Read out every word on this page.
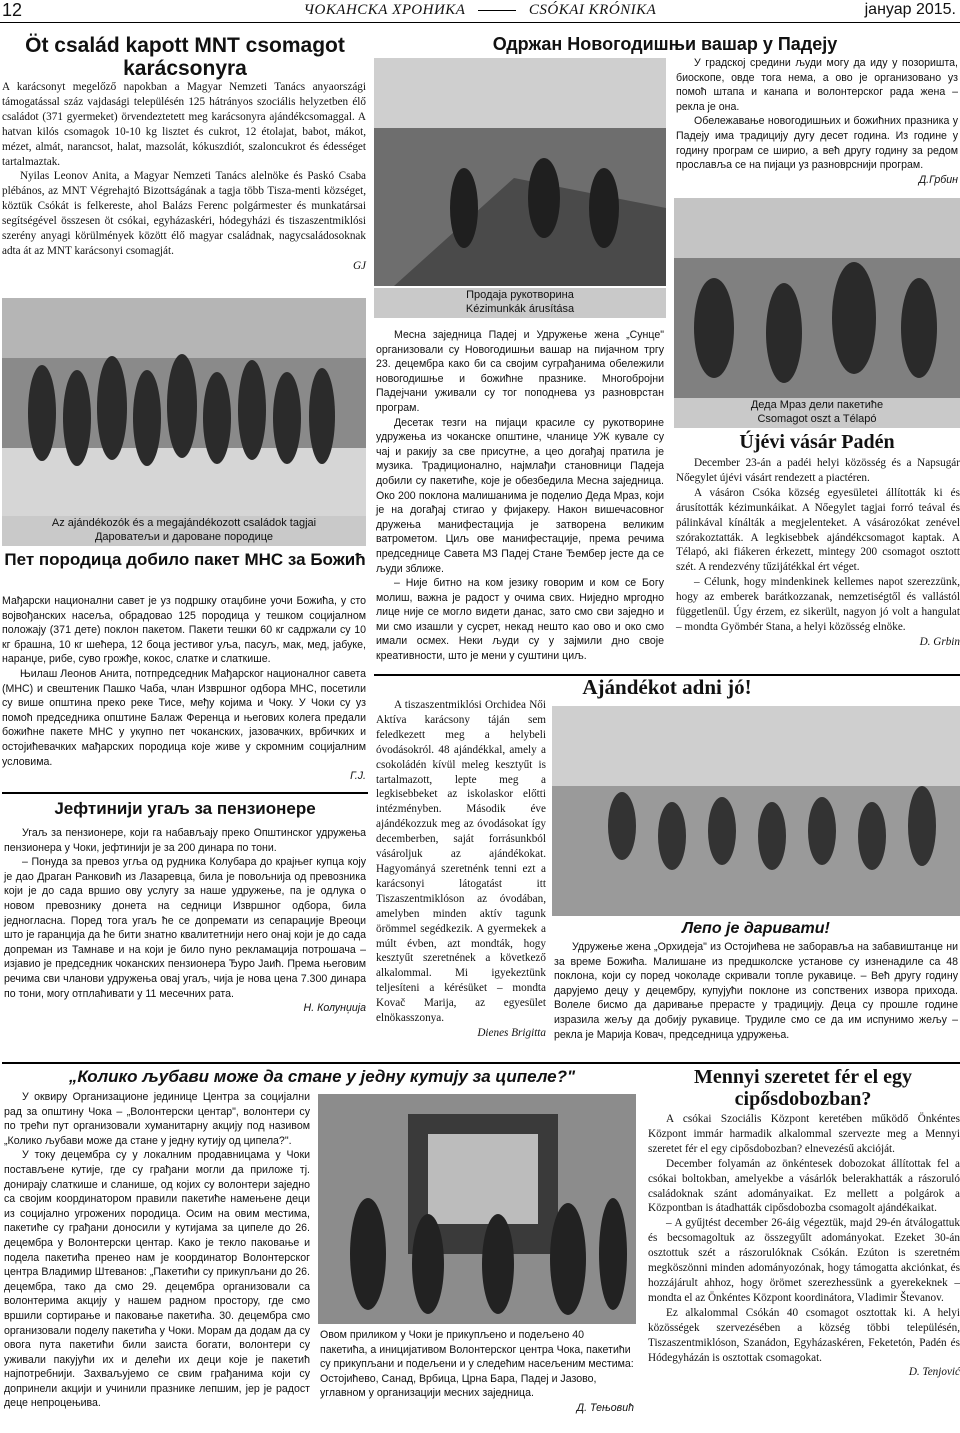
ЧОКАНСКА ХРОНИКА	CSÓKAI KRÓNIKA
12	јануар 2015.
Öt család kapott MNT csomagot karácsonyra

A karácsonyt megelőző napokban a Magyar Nemzeti Tanács anyaországi támogatással száz vajdasági településén 125 hátrányos szociális helyzetben élő családot (371 gyermeket) örvendeztetett meg karácsonyra ajándékcsomaggal. A hatvan kilós csomagok 10-10 kg lisztet és cukrot, 12 étolajat, babot, mákot, mézet, almát, narancsot, halat, mazsolát, kókuszdiót, szaloncukrot és édességet tartalmaztak.

Nyilas Leonov Anita, a Magyar Nemzeti Tanács alelnöke és Paskó Csaba plébános, az MNT Végrehajtó Bizottságának a tagja több Tisza-menti községet, köztük Csókát is felkereste, ahol Balázs Ferenc polgármester és munkatársai segítségével összesen öt csókai, egyházaskéri, hódegyházi és tiszaszentmiklósi szerény anyagi körülmények között élő magyar családnak, nagycsaládosoknak adta át az MNT karácsonyi csomagját.

GJ
Az ajándékozók és a megajándékozott családok tagjai
Даровaтељи и даровaне породице
Пет породица добило пакет МНС за Божић

Мађарски национални савет је уз подршку отаџбине уочи Божића, у сто војвођанских насеља, обрадовао 125 породица у тешком социјалном положају (371 дете) поклон пакетом. Пакети тешки 60 кг садржали су 10 кг брашна, 10 кг шећера, 12 боца јестивог уља, пасуљ, мак, мед, јабуке, наранџе, рибе, суво грожђе, кокос, слатке и слаткише.

Њилаш Леонов Анита, потпредседник Мађарског националног савета (МНС) и свештеник Пашко Чаба, члан Извршног одбора МНС, посетили су више општина преко реке Тисе, међу којима и Чоку. У Чоки су уз помоћ председника општине Балаж Ференца и његових колега предали божићне пакете МНС у укупно пет чоканских, јазовачких, врбичких и остојићевачких мађарских породица које живе у скромним социјалним условима.

Г.Ј.
Јефтинији угаљ за пензионере

Угаљ за пензионере, који га набављају преко Општинског удружења пензионера у Чоки, јефтинији је за 200 динара по тони.

– Понуда за превоз угља од рудника Колубара до крајњег купца коју је дао Драган Ранковић из Лазаревца, била је повољнија од превозника који је до сада вршио ову услугу за наше удружење, па је одлука о новом превознику донета на седници Извршног одбора, била једногласна. Поред тога угаљ ће се допремати из сепарације Вреоци што је гаранција да ће бити знатно квалитетнији него онај који је до сада допреман из Тамнаве и на који је било пуно рекламација потрошача – изјавио је председник чоканских пензионера Ђуро Јаић. Према његовим речима сви чланови удружења овај угаљ, чија је нова цена 7.300 динара по тони, могу отплаћивати у 11 месечних рата.

Н. Колунџија
Одржан Новогодишњи вашар у Падеју
Продаја рукотворина
Kézimunkák árusítása

Месна заједница Падеј и Удружење жена „Сунце" организовали су Новогодишњи вашар на пијачном тргу 23. децембра како би са својим суграђанима обележили новогодишње и божићне празнике. Многобројни Падејчани уживали су тог поподнева уз разноврстан програм.

Десетак тезги на пијаци красиле су рукотворине удружења из чоканске општине, чланице УЖ кувале су чај и ракију за све присутне, а цео догађај пратила је музика. Традиционално, најмлађи становници Падеја добили су пакетиће, које је обезбедила Месна заједница. Око 200 поклона малишанима је поделио Деда Мраз, који је на догађај стигао у фијакеру. Након вишечасовног дружења манифестација је затворена великим ватрометом. Циљ ове манифестације, према речима председнице Савета МЗ Падеј Стане Ђембер јесте да се људи зближе.

– Није битно на ком језику говорим и ком се Богу молиш, важна је радост у очима свих. Ниједно мргодно лице није се могло видети данас, зато смо сви заједно и ми смо изашли у сусрет, некад нешто као ово и око смо имали осмех. Неки људи су у зајмили дно своје креативности, што је мени у суштини циљ.

У градској средини људи могу да иду у позоришта, биоскопе, овде тога нема, а ово је организовано уз помоћ штапа и канапа и волонтерског рада жена – рекла је она.

Обележавање новогодишњих и божићних празника у Падеју има традицију дугу десет година. Из године у годину програм се ширио, а већ другу годину за редом прославља се на пијаци уз разноврснији програм.

Д.Грбин
Деда Мраз дели пакетиће
Csomagot oszt a Télapó
Újévi vásár Padén

December 23-án a padéi helyi közösség és a Napsugár Nőegylet újévi vásárt rendezett a piactéren.

A vásáron Csóka község egyesületei állították ki és árusították kézimunkáikat. A Nőegylet tagjai forró teával és pálinkával kínálták a megjelenteket. A vásározókat zenével szórakoztatták. A legkisebbek ajándékcsomagot kaptak. A Télapó, aki fiákeren érkezett, mintegy 200 csomagot osztott szét. A rendezvény tűzijátékkal ért véget.

– Célunk, hogy mindenkinek kellemes napot szerezzünk, hogy az emberek barátkozzanak, nemzetiségtől és vallástól függetlenül. Úgy érzem, ez sikerült, nagyon jó volt a hangulat – mondta Gyömbér Stana, a helyi közösség elnöke.

D. Grbin
Ajándékot adni jó!

A tiszaszentmiklósi Orchidea Női Aktíva karácsony táján sem feledkezett meg a helybeli óvodásokról. 48 ajándékkal, amely a csokoládén kívül meleg kesztyűt is tartalmazott, lepte meg a legkisebbeket az iskolaskor előtti intézményben. Második éve ajándékozzuk meg az óvodásokat így decemberben, saját forrásunkból vásároljuk az ajándékokat. Hagyományá szeretnénk tenni ezt a karácsonyi látogatást itt Tiszaszentmiklóson az óvodában, amelyben minden aktív tagunk örömmel segédkezik. A gyermekek a múlt évben, azt mondták, hogy kesztyűt szeretnének a következő alkalommal. Mi igyekeztünk teljesíteni a kérésüket – mondta Kovač Marija, az egyesület elnökasszonya.

Dienes Brigitta
Лепо је даривати!

Удружење жена „Орхидеја" из Остојићева не заборавља на забавиштанце ни за време Божића. Малишане из предшколске установе су изненадиле са 48 поклона, који су поред чоколаде скривали топле рукавице. – Већ другу годину даруjемо децу у децембру, купујући поклоне из сопствених извора прихода. Волеле бисмо да даривање прерасте у традицију. Деца су прошле године изразила жељу да добију рукавице. Трудиле смо се да им испунимо жељу – рекла је Марија Ковач, председница удружења.

„Колико љубави може да стане у једну кутију за ципеле?"

У оквиру Организационе јединице Центра за социјални рад за општину Чока – „Волонтерски центар", волонтери су по трећи пут организовали хуманитарну акцију под називом „Колико љубави може да стане у једну кутију од ципела?".

У току децембра су у локалним продавницама у Чоки постављене кутије, где су грађани могли да приложе тј. донирају слаткише и сланише, од којих су волонтери заједно са својим координатором правили пакетиће намењене деци из социјално угрожених породица. Осим на овим местима, пакетиће су грађани доносили у кутијама за ципеле до 26. децембра у Волонтерски центар. Како је текло паковање и подела пакетића пренео нам је координатор Волонтерског центра Владимир Штеванов: „Пакетићи су прикупљани до 26. децембра, тако да смо 29. децембра организовали са волонтерима акцију у нашем радном простору, где смо вршили сортирање и паковање пакетића. 30. децембра смо организовали поделу пакетића у Чоки. Морам да додам да су овога пута пакетићи били заиста богати, волонтери су уживали пакујући их и делећи их деци које је пакетић најпотребнији. Захваљујемо се свим грађанима који су допринели акцији и учинили празнике лепшим, јер је радост деце непроцењива.

Овом приликом у Чоки је прикупљено и подељено 40 пакетића, а иницијативом Волонтерског центра Чока, пакетићи су прикупљани и подељени и у следећим насељеним местима: Остојићево, Санад, Врбица, Црна Бара, Падеј и Јазово, углавном у организацији месних заједница.
Д. Тењовић
Mennyi szeretet fér el egy cipősdobozban?

A csókai Szociális Központ keretében működő Önkéntes Központ immár harmadik alkalommal szervezte meg a Mennyi szeretet fér el egy cipősdobozban? elnevezésű akcióját.

December folyamán az önkéntesek dobozokat állítottak fel a csókai boltokban, amelyekbe a vásárlók belerakhatták a rászoruló családoknak szánt adományaikat. Ez mellett a polgárok a Központban is átadhatták cipősdobozba csomagolt ajándékaikat.

– A gyűjtést december 26-áig végeztük, majd 29-én átválogattuk és becsomagoltuk az összegyűlt adományokat. Ezeket 30-án osztottuk szét a rászorulóknak Csókán. Ezúton is szeretném megköszönni minden adományozónak, hogy támogatta akciónkat, és hozzájárult ahhoz, hogy örömet szerezhessünk a gyerekeknek – mondta el az Önkéntes Központ koordinátora, Vladimir Števanov.

Ez alkalommal Csókán 40 csomagot osztottak ki. A helyi közösségek szervezésében a község többi településén, Tiszaszentmiklóson, Szanádon, Egyházaskéren, Feketetón, Padén és Hódegyházán is osztottak csomagokat.

D. Tenjović
